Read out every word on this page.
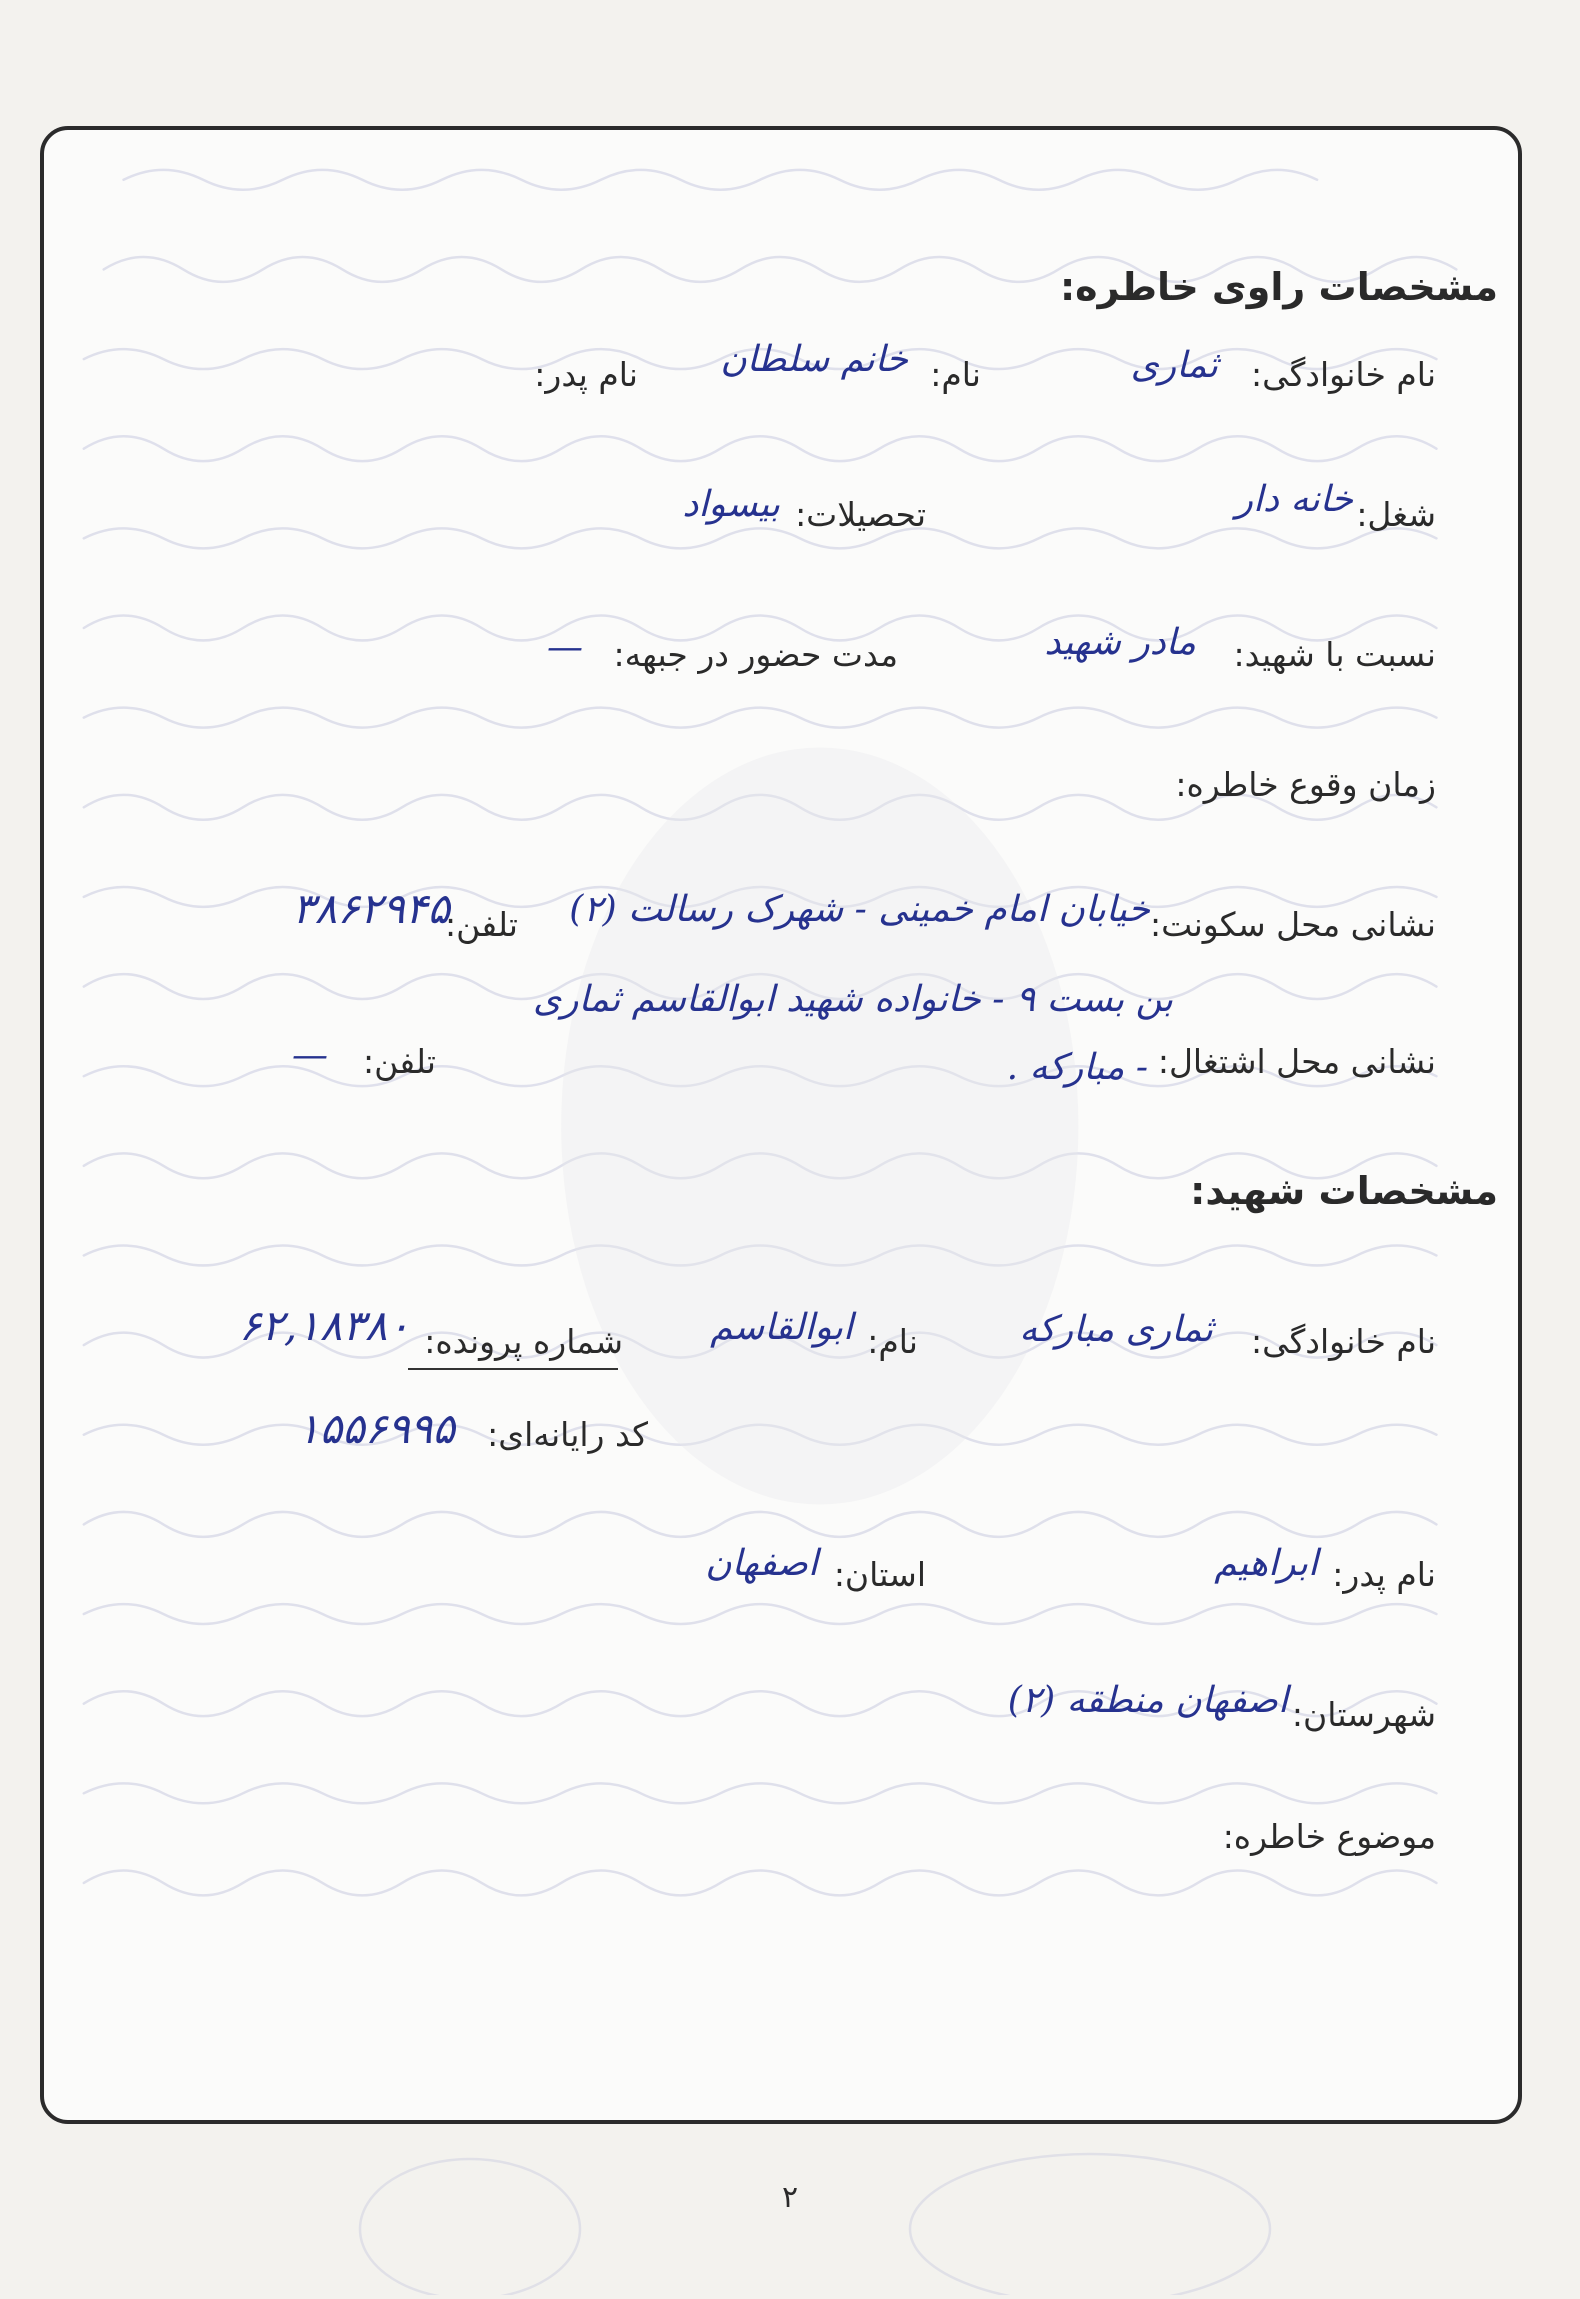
مشخصات راوی خاطره:
نام خانوادگی:
ثماری
نام:
خانم سلطان
نام پدر:
شغل:
خانه دار
تحصیلات:
بیسواد
نسبت با شهید:
مادر شهید
مدت حضور در جبهه:
—
زمان وقوع خاطره:
نشانی محل سکونت:
خیابان امام خمینی - شهرک رسالت (۲)
تلفن:
۳۸۶۲۹۴۵
بن بست ۹ - خانواده شهید ابوالقاسم ثماری
نشانی محل اشتغال:
- مبارکه .
تلفن:
—
مشخصات شهید:
نام خانوادگی:
ثماری مبارکه
نام:
ابوالقاسم
شماره پرونده:
۶۲,۱۸۳۸۰
کد رایانه‌ای:
۱۵۵۶۹۹۵
نام پدر:
ابراهیم
استان:
اصفهان
شهرستان:
اصفهان منطقه (۲)
موضوع خاطره:
۲
